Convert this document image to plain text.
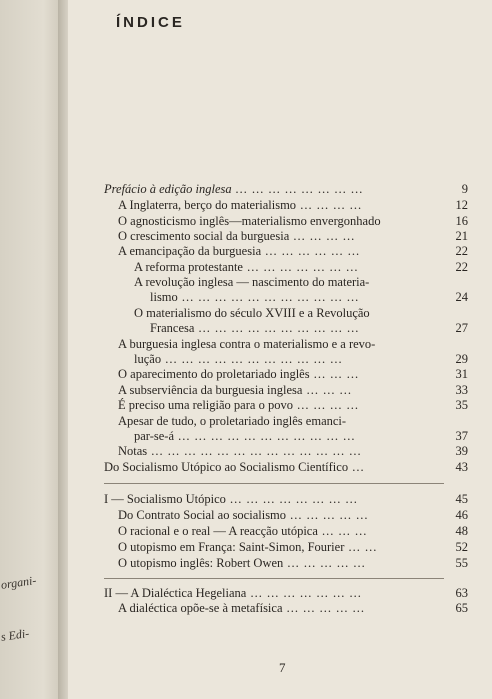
organi-
s Edi-
ÍNDICE
Prefácio à edição inglesa ... ... ... ... ... ... ... ...	9
A Inglaterra, berço do materialismo ... ... ... ...	12
O agnosticismo inglês—materialismo envergonhado	16
O crescimento social da burguesia ... ... ... ...	21
A emancipação da burguesia ... ... ... ... ... ...	22
A reforma protestante ... ... ... ... ... ... ...	22
A revolução inglesa — nascimento do materia-
lismo ... ... ... ... ... ... ... ... ... ... ...	24
O materialismo do século XVIII e a Revolução
Francesa ... ... ... ... ... ... ... ... ... ...	27
A burguesia inglesa contra o materialismo e a revo-
lução ... ... ... ... ... ... ... ... ... ... ...	29
O aparecimento do proletariado inglês ... ... ...	31
A subserviência da burguesia inglesa ... ... ...	33
É preciso uma religião para o povo ... ... ... ...	35
Apesar de tudo, o proletariado inglês emanci-
par-se-á ... ... ... ... ... ... ... ... ... ... ...	37
Notas ... ... ... ... ... ... ... ... ... ... ... ... ...	39
Do Socialismo Utópico ao Socialismo Científico ...	43
I — Socialismo Utópico ... ... ... ... ... ... ... ...	45
Do Contrato Social ao socialismo ... ... ... ... ...	46
O racional e o real — A reacção utópica ... ... ...	48
O utopismo em França: Saint-Simon, Fourier ... ...	52
O utopismo inglês: Robert Owen ... ... ... ... ...	55
II — A Dialéctica Hegeliana ... ... ... ... ... ... ...	63
A dialéctica opõe-se à metafísica ... ... ... ... ...	65
7
